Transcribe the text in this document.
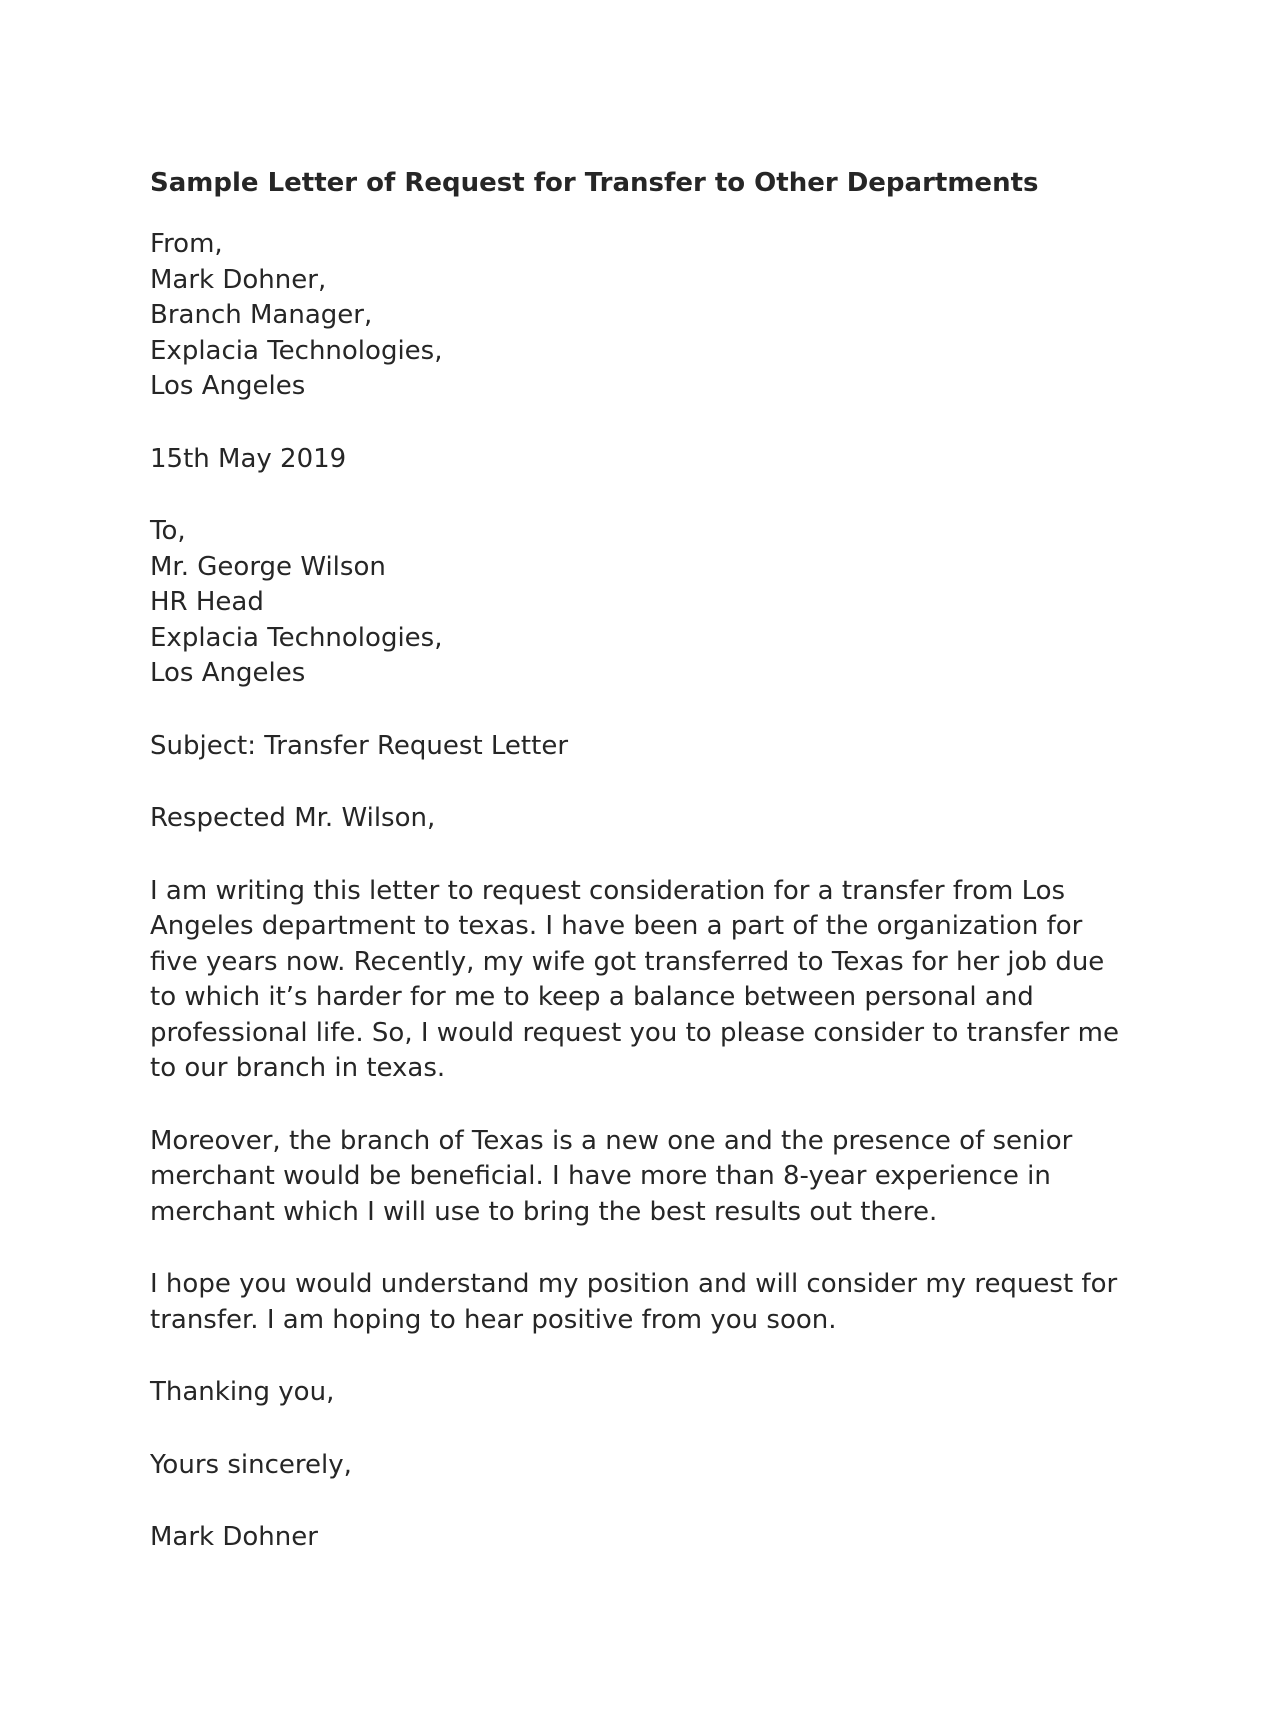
Sample Letter of Request for Transfer to Other Departments
From,
Mark Dohner,
Branch Manager,
Explacia Technologies,
Los Angeles
15th May 2019
To,
Mr. George Wilson
HR Head
Explacia Technologies,
Los Angeles
Subject: Transfer Request Letter
Respected Mr. Wilson,
I am writing this letter to request consideration for a transfer from Los
Angeles department to texas. I have been a part of the organization for
five years now. Recently, my wife got transferred to Texas for her job due
to which it’s harder for me to keep a balance between personal and
professional life. So, I would request you to please consider to transfer me
to our branch in texas.
Moreover, the branch of Texas is a new one and the presence of senior
merchant would be beneficial. I have more than 8-year experience in
merchant which I will use to bring the best results out there.
I hope you would understand my position and will consider my request for
transfer. I am hoping to hear positive from you soon.
Thanking you,
Yours sincerely,
Mark Dohner
